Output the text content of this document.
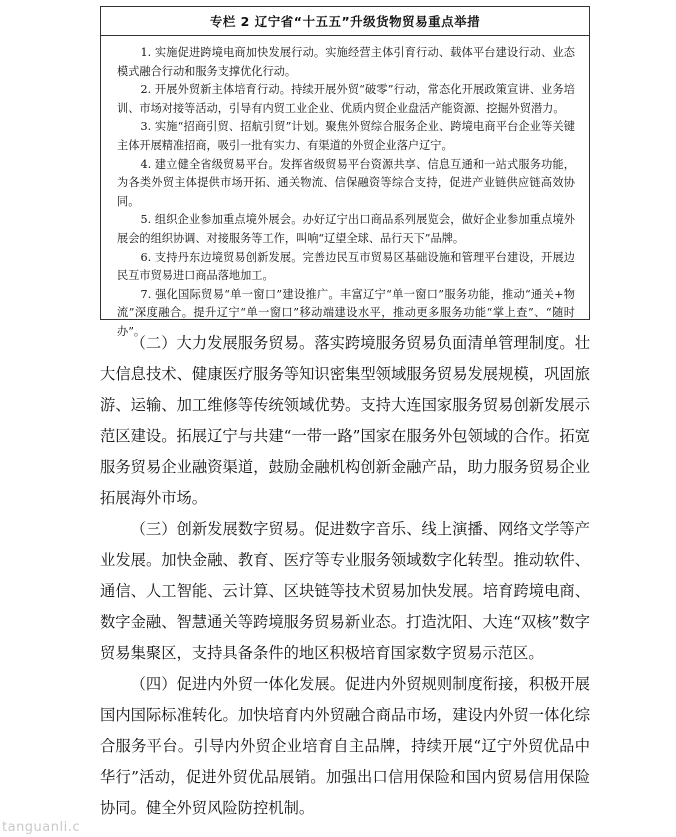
专栏 2 辽宁省“十五五”升级货物贸易重点举措

1. 实施促进跨境电商加快发展行动。实施经营主体引育行动、载体平台建设行动、业态模式融合行动和服务支撑优化行动。

2. 开展外贸新主体培育行动。持续开展外贸“破零”行动，常态化开展政策宣讲、业务培训、市场对接等活动，引导有内贸工业企业、优质内贸企业盘活产能资源、挖掘外贸潜力。

3. 实施“招商引贸、招航引贸”计划。聚焦外贸综合服务企业、跨境电商平台企业等关键主体开展精准招商，吸引一批有实力、有渠道的外贸企业落户辽宁。

4. 建立健全省级贸易平台。发挥省级贸易平台资源共享、信息互通和一站式服务功能，为各类外贸主体提供市场开拓、通关物流、信保融资等综合支持，促进产业链供应链高效协同。

5. 组织企业参加重点境外展会。办好辽宁出口商品系列展览会，做好企业参加重点境外展会的组织协调、对接服务等工作，叫响“辽望全球、品行天下”品牌。

6. 支持丹东边境贸易创新发展。完善边民互市贸易区基础设施和管理平台建设，开展边民互市贸易进口商品落地加工。

7. 强化国际贸易“单一窗口”建设推广。丰富辽宁“单一窗口”服务功能，推动“通关+物流”深度融合。提升辽宁“单一窗口”移动端建设水平，推动更多服务功能“掌上查”、“随时办”。

（二）大力发展服务贸易。落实跨境服务贸易负面清单管理制度。壮大信息技术、健康医疗服务等知识密集型领域服务贸易发展规模，巩固旅游、运输、加工维修等传统领域优势。支持大连国家服务贸易创新发展示范区建设。拓展辽宁与共建“一带一路”国家在服务外包领域的合作。拓宽服务贸易企业融资渠道，鼓励金融机构创新金融产品，助力服务贸易企业拓展海外市场。

（三）创新发展数字贸易。促进数字音乐、线上演播、网络文学等产业发展。加快金融、教育、医疗等专业服务领域数字化转型。推动软件、通信、人工智能、云计算、区块链等技术贸易加快发展。培育跨境电商、数字金融、智慧通关等跨境服务贸易新业态。打造沈阳、大连“双核”数字贸易集聚区，支持具备条件的地区积极培育国家数字贸易示范区。

（四）促进内外贸一体化发展。促进内外贸规则制度衔接，积极开展国内国际标准转化。加快培育内外贸融合商品市场，建设内外贸一体化综合服务平台。引导内外贸企业培育自主品牌，持续开展“辽宁外贸优品中华行”活动，促进外贸优品展销。加强出口信用保险和国内贸易信用保险协同。健全外贸风险防控机制。

tanguanli.c
